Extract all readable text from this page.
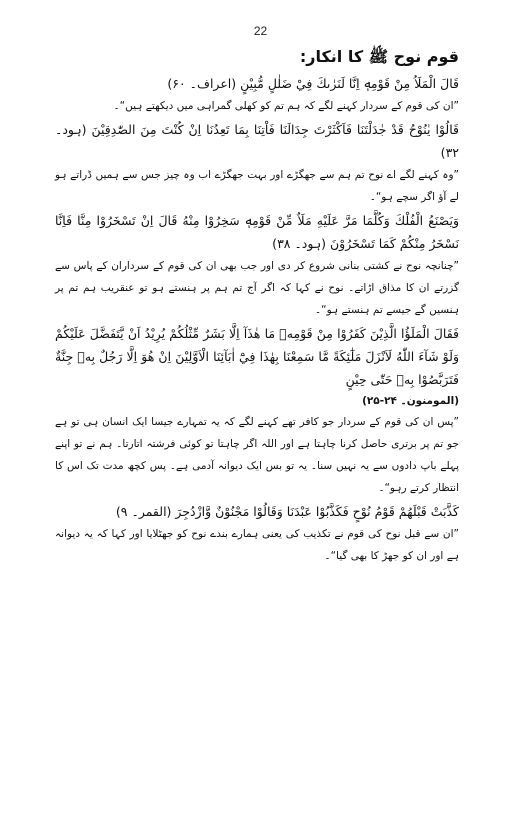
22
قوم نوح ﷺ کا انکار:

قَالَ الْمَلَاُ مِنْ قَوْمِهٖ اِنَّا لَنَرٰىكَ فِيْ ضَلٰلٍ مُّبِيْنٍ (اعراف۔ ۶۰)

”ان کی قوم کے سردار کہنے لگے کہ ہم تم کو کھلی گمراہی میں دیکھتے ہیں“۔

قَالُوْا يٰنُوْحُ قَدْ جٰدَلْتَنَا فَاَكْثَرْتَ جِدَالَنَا فَاْتِنَا بِمَا تَعِدُنَا اِنْ كُنْتَ مِنَ الصّٰدِقِيْنَ (ہود۔ ۳۲)

”وہ کہنے لگے اے نوح تم ہم سے جھگڑے اور بہت جھگڑے اب وہ چیز جس سے ہمیں ڈراتے ہو لے آؤ اگر سچے ہو“۔

وَيَصْنَعُ الْفُلْكَ وَكُلَّمَا مَرَّ عَلَيْهِ مَلَاٌ مِّنْ قَوْمِهٖ سَخِرُوْا مِنْهُ قَالَ اِنْ تَسْخَرُوْا مِنَّا فَاِنَّا نَسْخَرُ مِنْكُمْ كَمَا تَسْخَرُوْنَ (ہود۔ ۳۸)

”چنانچہ نوح نے کشتی بنانی شروع کر دی اور جب بھی ان کی قوم کے سرداران کے پاس سے گزرتے ان کا مذاق اڑاتے۔ نوح نے کہا کہ اگر آج تم ہم پر ہنستے ہو تو عنقریب ہم تم پر ہنسیں گے جیسے تم ہنستے ہو“۔

فَقَالَ الْمَلَؤُا الَّذِيْنَ كَفَرُوْا مِنْ قَوْمِهٖ مَا هٰذَآ اِلَّا بَشَرٌ مِّثْلُكُمْ يُرِيْدُ اَنْ يَّتَفَضَّلَ عَلَيْكُمْ وَلَوْ شَآءَ اللّٰهُ لَاَنْزَلَ مَلٰٓئِكَةً مَّا سَمِعْنَا بِهٰذَا فِيْٓ اٰبَآئِنَا الْاَوَّلِيْنَ اِنْ هُوَ اِلَّا رَجُلٌ بِهٖ جِنَّةٌ فَتَرَبَّصُوْا بِهٖ حَتّٰى حِيْنٍ

(المومنون۔ ۲۴-۲۵)

”پس ان کی قوم کے سردار جو کافر تھے کہنے لگے کہ یہ تمہارے جیسا ایک انسان ہی تو ہے جو تم پر برتری حاصل کرنا چاہتا ہے اور اللہ اگر چاہتا تو کوئی فرشتہ اتارتا۔ ہم نے تو اپنے پہلے باپ دادوں سے یہ نہیں سنا۔ یہ تو بس ایک دیوانہ آدمی ہے۔ پس کچھ مدت تک اس کا انتظار کرتے رہو“۔

كَذَّبَتْ قَبْلَهُمْ قَوْمُ نُوْحٍ فَكَذَّبُوْا عَبْدَنَا وَقَالُوْا مَجْنُوْنٌ وَّازْدُجِرَ (القمر۔ ۹)

”ان سے قبل نوح کی قوم نے تکذیب کی یعنی ہمارے بندے نوح کو جھٹلایا اور کہا کہ یہ دیوانہ ہے اور ان کو جھڑ کا بھی گیا“۔
